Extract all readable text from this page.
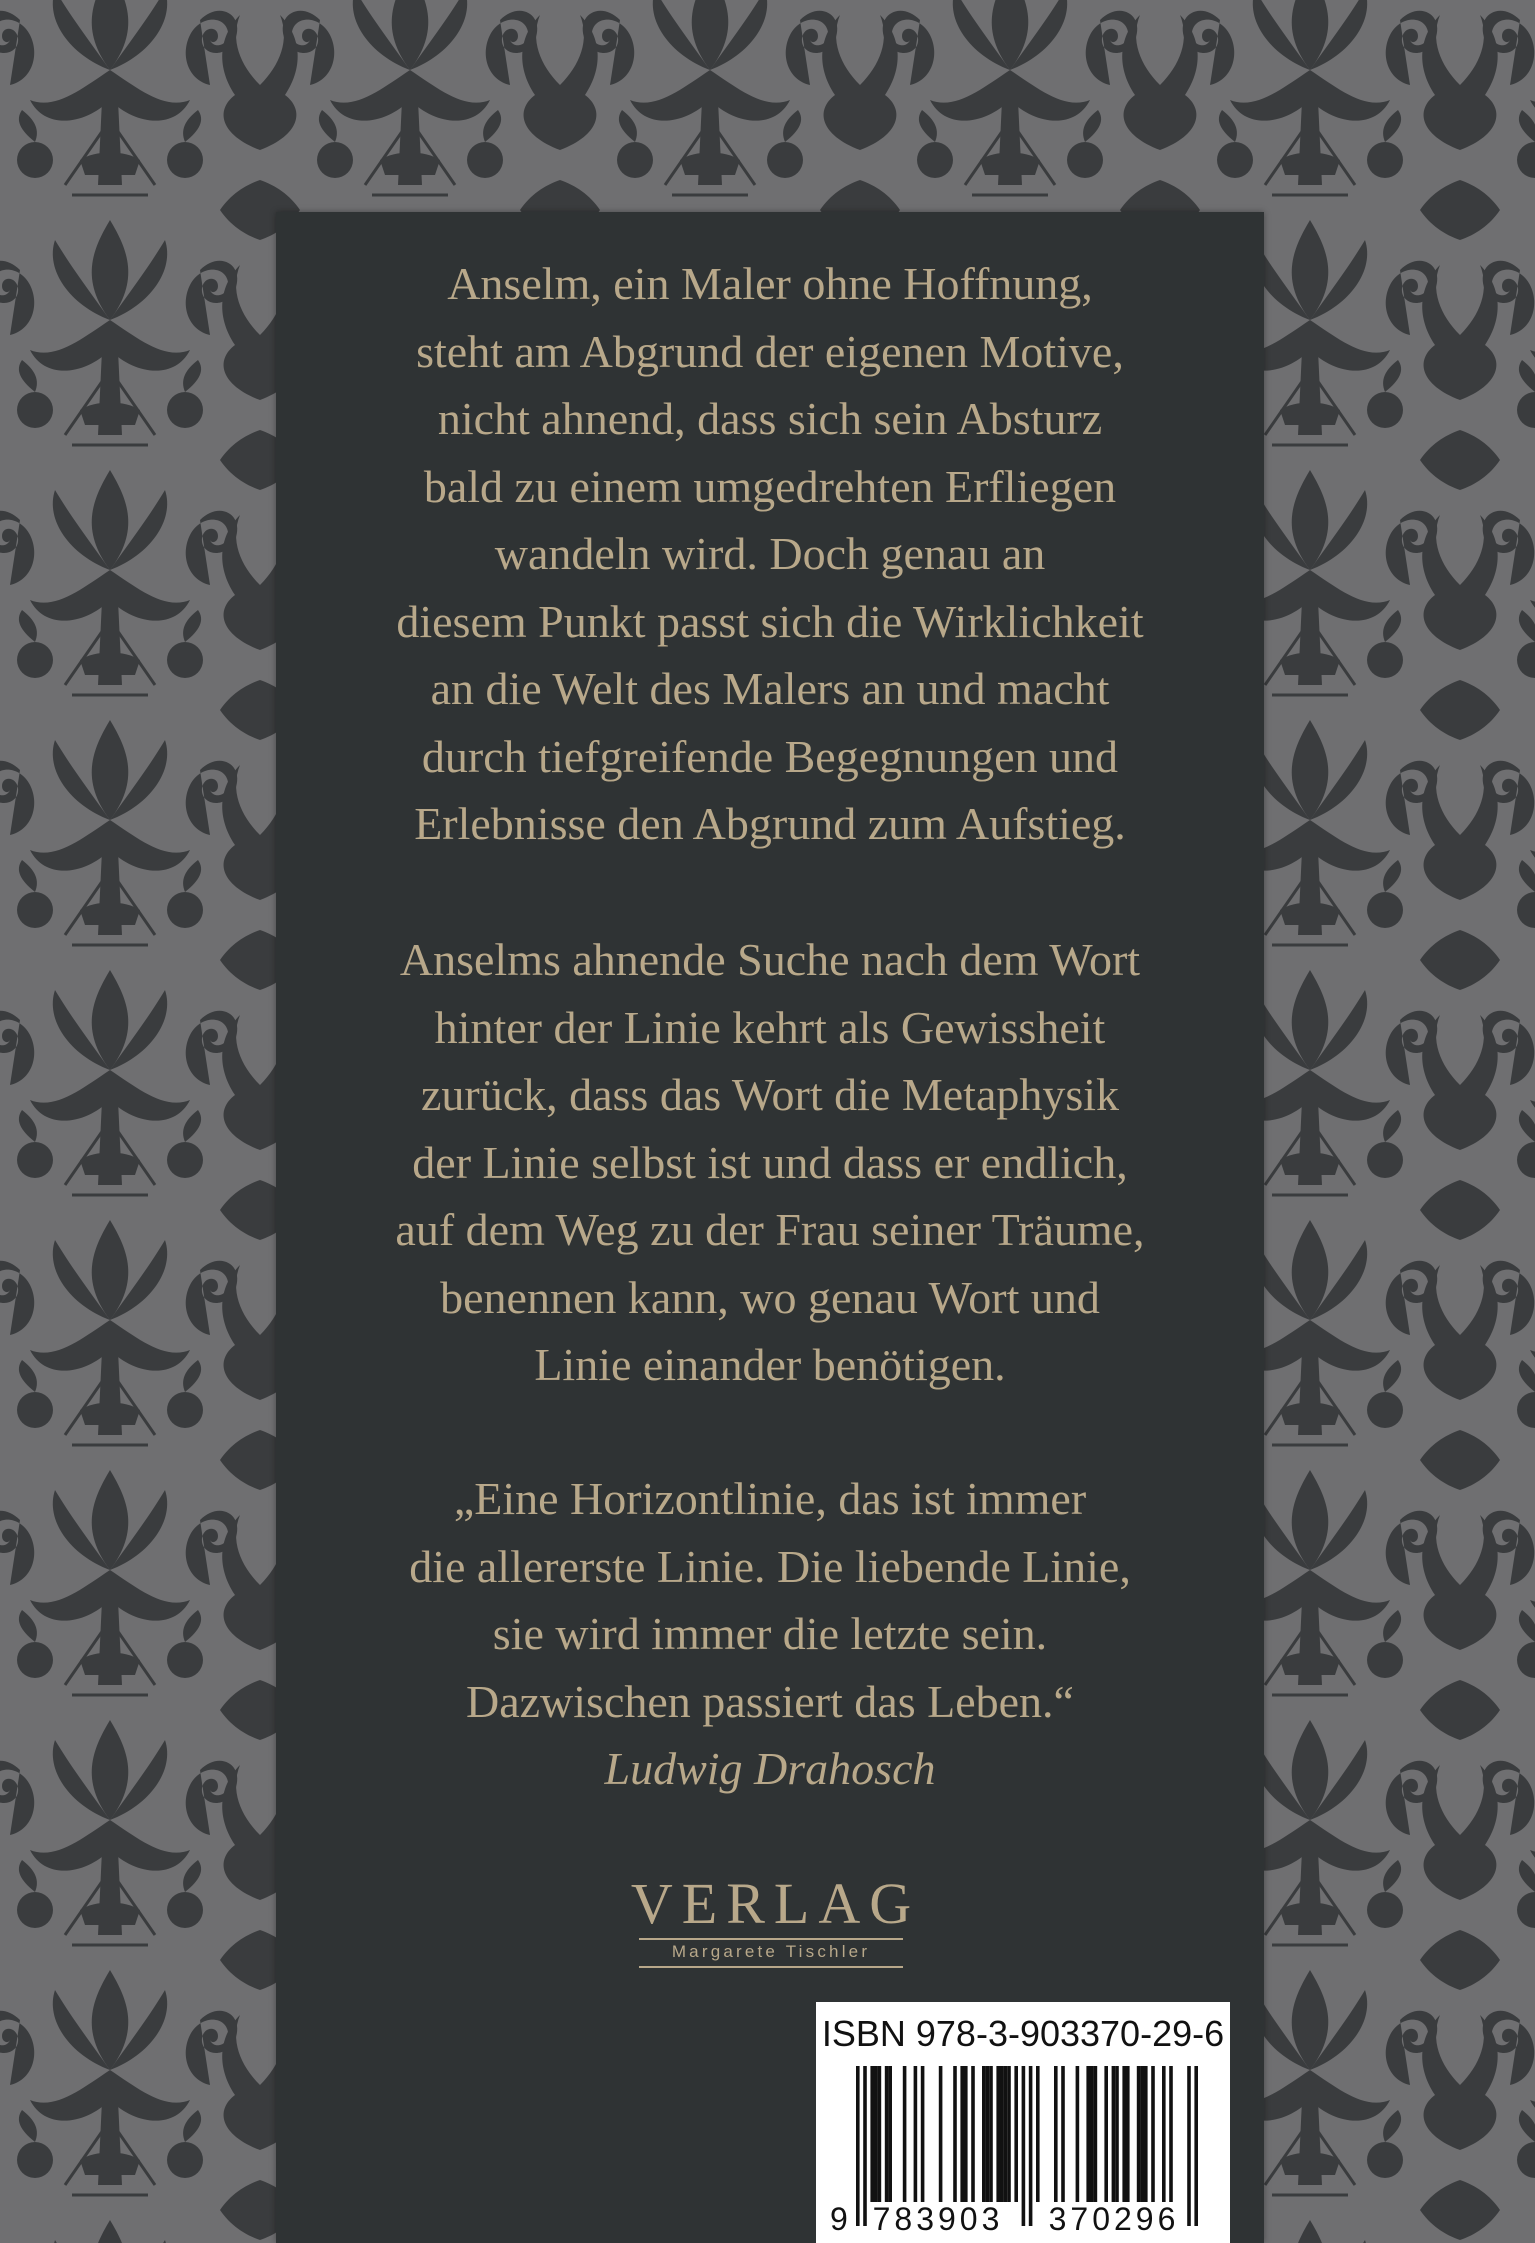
Anselm, ein Maler ohne Hoffnung,
steht am Abgrund der eigenen Motive,
nicht ahnend, dass sich sein Absturz
bald zu einem umgedrehten Erfliegen
wandeln wird. Doch genau an
diesem Punkt passt sich die Wirklichkeit
an die Welt des Malers an und macht
durch tiefgreifende Begegnungen und
Erlebnisse den Abgrund zum Aufstieg.

Anselms ahnende Suche nach dem Wort
hinter der Linie kehrt als Gewissheit
zurück, dass das Wort die Metaphysik
der Linie selbst ist und dass er endlich,
auf dem Weg zu der Frau seiner Träume,
benennen kann, wo genau Wort und
Linie einander benötigen.

„Eine Horizontlinie, das ist immer
die allererste Linie. Die liebende Linie,
sie wird immer die letzte sein.
Dazwischen passiert das Leben.“
Ludwig Drahosch

VERLAG
Margarete Tischler
ISBN 978-3-903370-29-6
9 783903 370296
